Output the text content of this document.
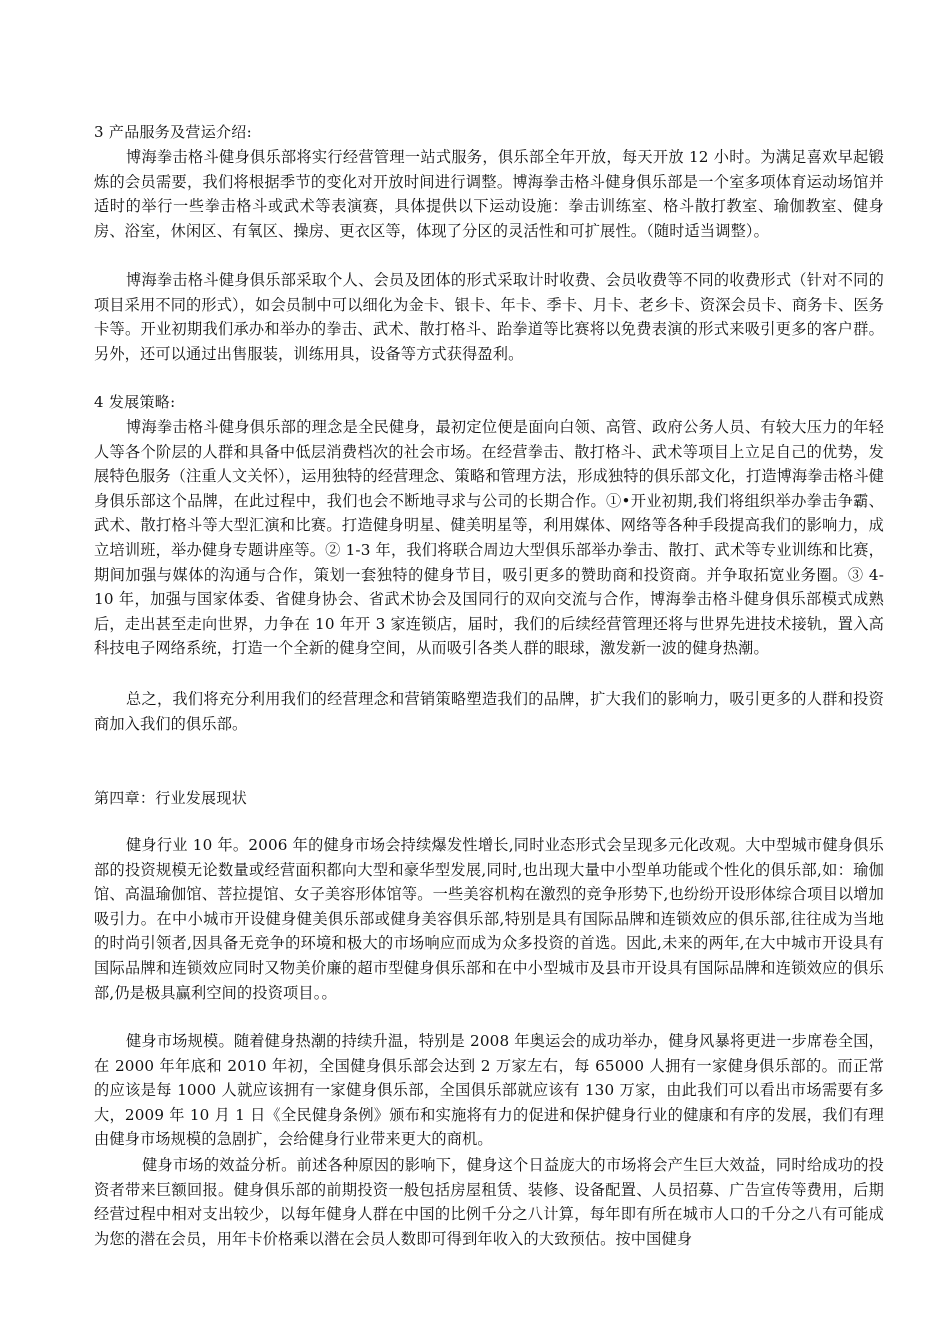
3 产品服务及营运介绍:

博海拳击格斗健身俱乐部将实行经营管理一站式服务，俱乐部全年开放，每天开放 12 小时。为满足喜欢早起锻炼的会员需要，我们将根据季节的变化对开放时间进行调整。博海拳击格斗健身俱乐部是一个室多项体育运动场馆并适时的举行一些拳击格斗或武术等表演赛，具体提供以下运动设施：拳击训练室、格斗散打教室、瑜伽教室、健身房、浴室，休闲区、有氧区、操房、更衣区等，体现了分区的灵活性和可扩展性。（随时适当调整）。

博海拳击格斗健身俱乐部采取个人、会员及团体的形式采取计时收费、会员收费等不同的收费形式（针对不同的项目采用不同的形式），如会员制中可以细化为金卡、银卡、年卡、季卡、月卡、老乡卡、资深会员卡、商务卡、医务卡等。开业初期我们承办和举办的拳击、武术、散打格斗、跆拳道等比赛将以免费表演的形式来吸引更多的客户群。另外，还可以通过出售服装，训练用具，设备等方式获得盈利。

4 发展策略:

博海拳击格斗健身俱乐部的理念是全民健身，最初定位便是面向白领、高管、政府公务人员、有较大压力的年轻人等各个阶层的人群和具备中低层消费档次的社会市场。在经营拳击、散打格斗、武术等项目上立足自己的优势，发展特色服务（注重人文关怀），运用独特的经营理念、策略和管理方法，形成独特的俱乐部文化，打造博海拳击格斗健身俱乐部这个品牌，在此过程中，我们也会不断地寻求与公司的长期合作。①•开业初期,我们将组织举办拳击争霸、武术、散打格斗等大型汇演和比赛。打造健身明星、健美明星等，利用媒体、网络等各种手段提高我们的影响力，成立培训班，举办健身专题讲座等。② 1-3 年，我们将联合周边大型俱乐部举办拳击、散打、武术等专业训练和比赛，期间加强与媒体的沟通与合作，策划一套独特的健身节目，吸引更多的赞助商和投资商。并争取拓宽业务圈。③ 4-10 年，加强与国家体委、省健身协会、省武术协会及国同行的双向交流与合作，博海拳击格斗健身俱乐部模式成熟后，走出甚至走向世界，力争在 10 年开 3 家连锁店，届时，我们的后续经营管理还将与世界先进技术接轨，置入高科技电子网络系统，打造一个全新的健身空间，从而吸引各类人群的眼球，激发新一波的健身热潮。

总之，我们将充分利用我们的经营理念和营销策略塑造我们的品牌，扩大我们的影响力，吸引更多的人群和投资商加入我们的俱乐部。

第四章：行业发展现状

健身行业 10 年。2006 年的健身市场会持续爆发性增长,同时业态形式会呈现多元化改观。大中型城市健身俱乐部的投资规模无论数量或经营面积都向大型和豪华型发展,同时,也出现大量中小型单功能或个性化的俱乐部,如：瑜伽馆、高温瑜伽馆、菩拉提馆、女子美容形体馆等。一些美容机构在激烈的竞争形势下,也纷纷开设形体综合项目以增加吸引力。在中小城市开设健身健美俱乐部或健身美容俱乐部,特别是具有国际品牌和连锁效应的俱乐部,往往成为当地的时尚引领者,因具备无竞争的环境和极大的市场响应而成为众多投资的首选。因此,未来的两年,在大中城市开设具有国际品牌和连锁效应同时又物美价廉的超市型健身俱乐部和在中小型城市及县市开设具有国际品牌和连锁效应的俱乐部,仍是极具赢利空间的投资项目。。

健身市场规模。随着健身热潮的持续升温，特别是 2008 年奥运会的成功举办，健身风暴将更进一步席卷全国，在 2000 年年底和 2010 年初，全国健身俱乐部会达到 2 万家左右，每 65000 人拥有一家健身俱乐部的。而正常的应该是每 1000 人就应该拥有一家健身俱乐部，全国俱乐部就应该有 130 万家，由此我们可以看出市场需要有多大，2009 年 10 月 1 日《全民健身条例》颁布和实施将有力的促进和保护健身行业的健康和有序的发展，我们有理由健身市场规模的急剧扩，会给健身行业带来更大的商机。

健身市场的效益分析。前述各种原因的影响下，健身这个日益庞大的市场将会产生巨大效益，同时给成功的投资者带来巨额回报。健身俱乐部的前期投资一般包括房屋租赁、装修、设备配置、人员招募、广告宣传等费用，后期经营过程中相对支出较少，以每年健身人群在中国的比例千分之八计算，每年即有所在城市人口的千分之八有可能成为您的潜在会员，用年卡价格乘以潜在会员人数即可得到年收入的大致预估。按中国健身
